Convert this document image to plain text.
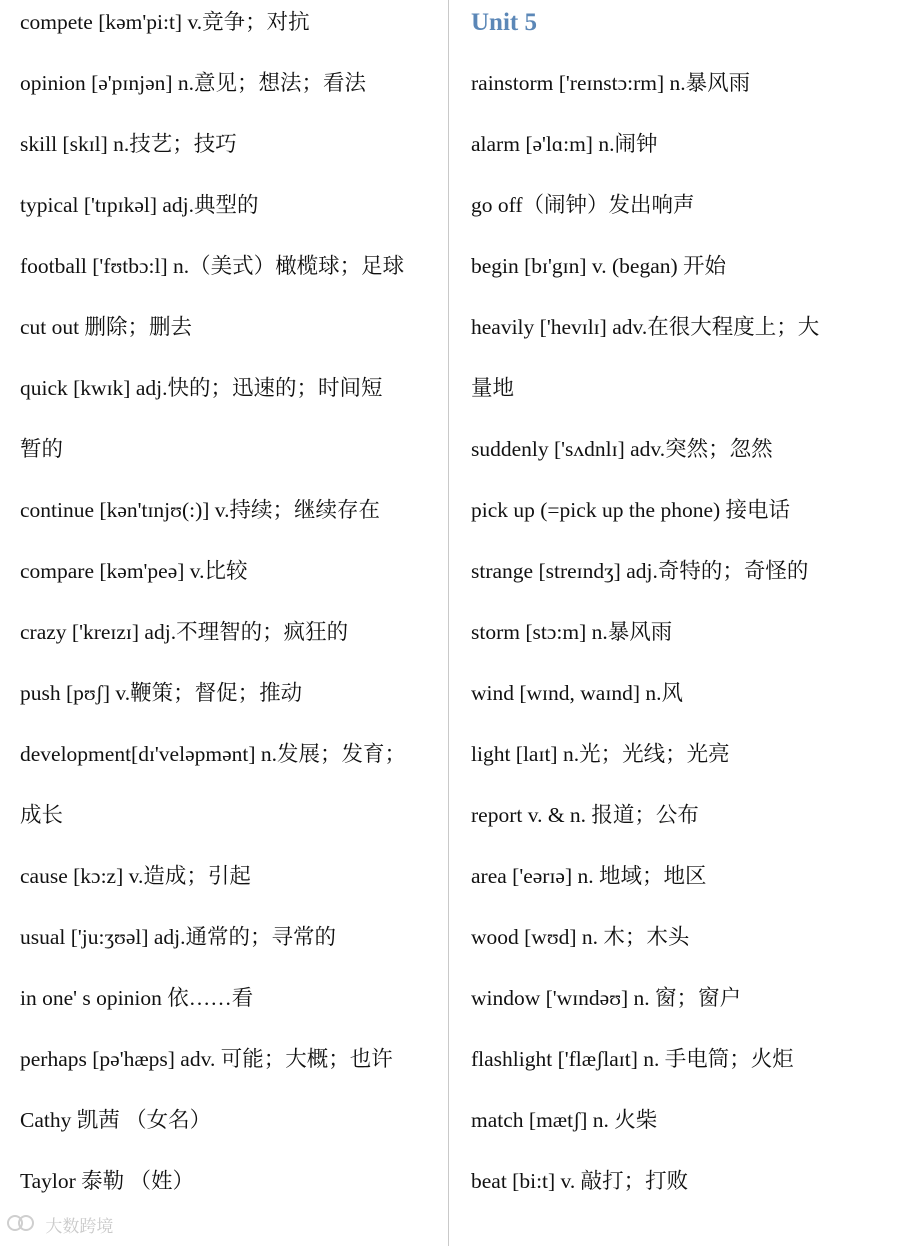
compete [kəm'pi:t] v.竞争；对抗
opinion [ə'pɪnjən] n.意见；想法；看法
skill [skɪl] n.技艺；技巧
typical ['tɪpɪkəl] adj.典型的
football ['fʊtbɔ:l] n.（美式）橄榄球；足球
cut out 删除；删去
quick [kwɪk] adj.快的；迅速的；时间短
暂的
continue [kən'tɪnjʊ(:)] v.持续；继续存在
compare [kəm'peə] v.比较
crazy ['kreɪzɪ] adj.不理智的；疯狂的
push [pʊʃ] v.鞭策；督促；推动
development[dɪ'veləpmənt] n.发展；发育；
成长
cause [kɔ:z] v.造成；引起
usual ['ju:ʒʊəl] adj.通常的；寻常的
in one' s opinion 依……看
perhaps [pə'hæps] adv. 可能；大概；也许
Cathy 凯茜 （女名）
Taylor 泰勒 （姓）
Unit 5
rainstorm ['reɪnstɔ:rm] n.暴风雨
alarm [ə'lɑ:m] n.闹钟
go off（闹钟）发出响声
begin [bɪ'gɪn] v. (began) 开始
heavily ['hevɪlɪ] adv.在很大程度上；大
量地
suddenly ['sʌdnlɪ] adv.突然；忽然
pick up (=pick up the phone) 接电话
strange [streɪndʒ] adj.奇特的；奇怪的
storm [stɔ:m] n.暴风雨
wind [wɪnd, waɪnd] n.风
light [laɪt] n.光；光线；光亮
report v. & n. 报道；公布
area ['eərɪə] n. 地域；地区
wood [wʊd] n. 木；木头
window ['wɪndəʊ] n. 窗；窗户
flashlight ['flæʃlaɪt] n. 手电筒；火炬
match [mætʃ] n. 火柴
beat [bi:t] v. 敲打；打败
大数跨境
